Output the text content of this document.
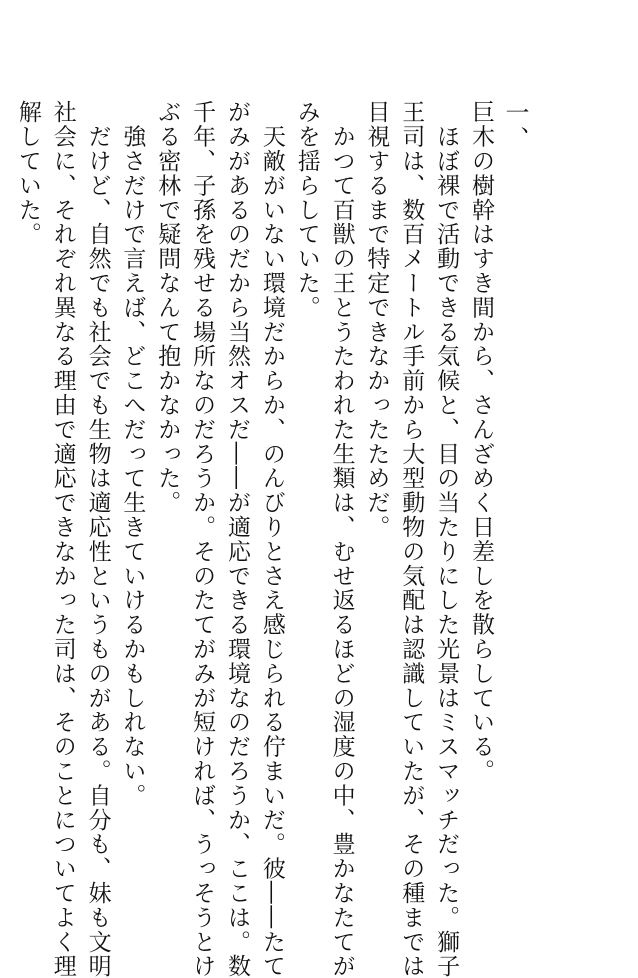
一、
巨木の樹幹はすき間から、さんざめく日差しを散らしている。
　ほぼ裸で活動できる気候と、目の当たりにした光景はミスマッチだった。獅子
王司は、数百メートル手前から大型動物の気配は認識していたが、その種までは
目視するまで特定できなかったためだ。
　かつて百獣の王とうたわれた生類は、むせ返るほどの湿度の中、豊かなたてが
みを揺らしていた。
　天敵がいない環境だからか、のんびりとさえ感じられる佇まいだ。彼――たて
がみがあるのだから当然オスだ――が適応できる環境なのだろうか、ここは。数
千年、子孫を残せる場所なのだろうか。そのたてがみが短ければ、うっそうとけ
ぶる密林で疑問なんて抱かなかった。
　強さだけで言えば、どこへだって生きていけるかもしれない。
　だけど、自然でも社会でも生物は適応性というものがある。自分も、妹も文明
社会に、それぞれ異なる理由で適応できなかった司は、そのことについてよく理
解していた。
